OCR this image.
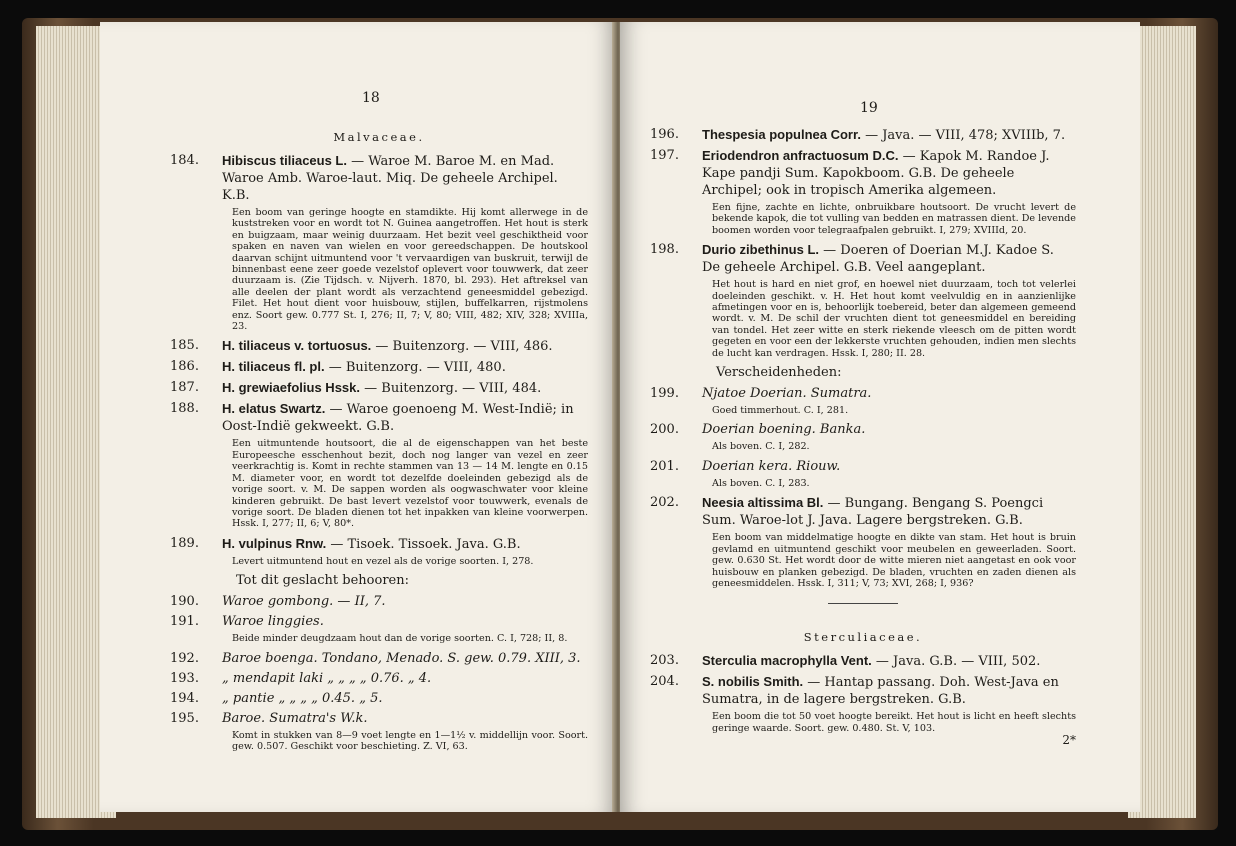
18
Malvaceae.
184. Hibiscus tiliaceus L. — Waroe M. Baroe M. en Mad. Waroe Amb. Waroe-laut. Miq. De geheele Archipel. K.B.
Een boom van geringe hoogte en stamdikte. Hij komt allerwege in de kuststreken voor en wordt tot N. Guinea aangetroffen. Het hout is sterk en buigzaam, maar weinig duurzaam. Het bezit veel geschiktheid voor spaken en naven van wielen en voor gereedschappen. De houtskool daarvan schijnt uitmuntend voor 't vervaardigen van buskruit, terwijl de binnenbast eene zeer goede vezelstof oplevert voor touwwerk, dat zeer duurzaam is. (Zie Tijdsch. v. Nijverh. 1870, bl. 293). Het aftreksel van alle deelen der plant wordt als verzachtend geneesmiddel gebezigd. Filet. Het hout dient voor huisbouw, stijlen, buffelkarren, rijstmolens enz. Soort gew. 0.777 St. I, 276; II, 7; V, 80; VIII, 482; XIV, 328; XVIIIa, 23.
185. H. tiliaceus v. tortuosus. — Buitenzorg. — VIII, 486.
186. H. tiliaceus fl. pl. — Buitenzorg. — VIII, 480.
187. H. grewiaefolius Hssk. — Buitenzorg. — VIII, 484.
188. H. elatus Swartz. — Waroe goenoeng M. West-Indië; in Oost-Indië gekweekt. G.B.
Een uitmuntende houtsoort, die al de eigenschappen van het beste Europeesche esschenhout bezit, doch nog langer van vezel en zeer veerkrachtig is. Komt in rechte stammen van 13 — 14 M. lengte en 0.15 M. diameter voor, en wordt tot dezelfde doeleinden gebezigd als de vorige soort. v. M. De sappen worden als oogwaschwater voor kleine kinderen gebruikt. De bast levert vezelstof voor touwwerk, evenals de vorige soort. De bladen dienen tot het inpakken van kleine voorwerpen. Hssk. I, 277; II, 6; V, 80*.
189. H. vulpinus Rnw. — Tisoek. Tissoek. Java. G.B.
Levert uitmuntend hout en vezel als de vorige soorten. I, 278.
Tot dit geslacht behooren:
190. Waroe gombong. — II, 7.
191. Waroe linggies.
Beide minder deugdzaam hout dan de vorige soorten. C. I, 728; II, 8.
192. Baroe boenga. Tondano, Menado. S. gew. 0.79. XIII, 3.
193. „ mendapit laki „ „ „ „ 0.76. „ 4.
194. „ pantie „ „ „ „ 0.45. „ 5.
195. Baroe. Sumatra's W.k.
Komt in stukken van 8—9 voet lengte en 1—1½ v. middellijn voor. Soort. gew. 0.507. Geschikt voor beschieting. Z. VI, 63.
19
196. Thespesia populnea Corr. — Java. — VIII, 478; XVIIIb, 7.
197. Eriodendron anfractuosum D.C. — Kapok M. Randoe J. Kape pandji Sum. Kapokboom. G.B. De geheele Archipel; ook in tropisch Amerika algemeen.
Een fijne, zachte en lichte, onbruikbare houtsoort. De vrucht levert de bekende kapok, die tot vulling van bedden en matrassen dient. De levende boomen worden voor telegraafpalen gebruikt. I, 279; XVIIId, 20.
198. Durio zibethinus L. — Doeren of Doerian M.J. Kadoe S. De geheele Archipel. G.B. Veel aangeplant.
Het hout is hard en niet grof, en hoewel niet duurzaam, toch tot velerlei doeleinden geschikt. v. H. Het hout komt veelvuldig en in aanzienlijke afmetingen voor en is, behoorlijk toebereid, beter dan algemeen gemeend wordt. v. M. De schil der vruchten dient tot geneesmiddel en bereiding van tondel. Het zeer witte en sterk riekende vleesch om de pitten wordt gegeten en voor een der lekkerste vruchten gehouden, indien men slechts de lucht kan verdragen. Hssk. I, 280; II. 28.
Verscheidenheden:
199. Njatoe Doerian. Sumatra.
Goed timmerhout. C. I, 281.
200. Doerian boening. Banka.
Als boven. C. I, 282.
201. Doerian kera. Riouw.
Als boven. C. I, 283.
202. Neesia altissima Bl. — Bungang. Bengang S. Poengci Sum. Waroe-lot J. Java. Lagere bergstreken. G.B.
Een boom van middelmatige hoogte en dikte van stam. Het hout is bruin gevlamd en uitmuntend geschikt voor meubelen en geweerladen. Soort. gew. 0.630 St. Het wordt door de witte mieren niet aangetast en ook voor huisbouw en planken gebezigd. De bladen, vruchten en zaden dienen als geneesmiddelen. Hssk. I, 311; V, 73; XVI, 268; I, 936?
Sterculiaceae.
203. Sterculia macrophylla Vent. — Java. G.B. — VIII, 502.
204. S. nobilis Smith. — Hantap passang. Doh. West-Java en Sumatra, in de lagere bergstreken. G.B.
Een boom die tot 50 voet hoogte bereikt. Het hout is licht en heeft slechts geringe waarde. Soort. gew. 0.480. St. V, 103.
2*
